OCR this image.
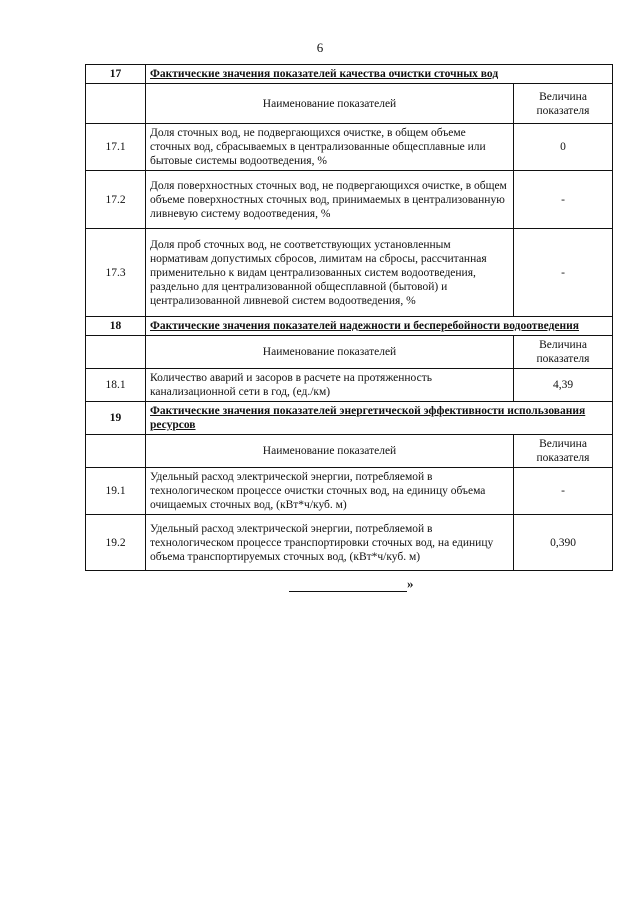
6
17	Фактические значения показателей качества очистки сточных вод	
	Наименование показателей	Величина показателя
17.1	Доля сточных вод, не подвергающихся очистке, в общем объеме сточных вод, сбрасываемых в централизованные общесплавные или бытовые системы водоотведения, %	0
17.2	Доля поверхностных сточных вод, не подвергающихся очистке, в общем объеме поверхностных сточных вод, принимаемых в централизованную ливневую систему водоотведения, %	-
17.3	Доля проб сточных вод, не соответствующих установленным нормативам допустимых сбросов, лимитам на сбросы, рассчитанная применительно к видам централизованных систем водоотведения, раздельно для централизованной общесплавной (бытовой) и централизованной ливневой систем водоотведения, %	-
18	Фактические значения показателей надежности и бесперебойности водоотведения	
	Наименование показателей	Величина показателя
18.1	Количество аварий и засоров в расчете на протяженность канализационной сети в год, (ед./км)	4,39
19	Фактические значения показателей энергетической эффективности использования ресурсов	
	Наименование показателей	Величина показателя
19.1	Удельный расход электрической энергии, потребляемой в технологическом процессе очистки сточных вод, на единицу объема очищаемых сточных вод, (кВт*ч/куб. м)	-
19.2	Удельный расход электрической энергии, потребляемой в технологическом процессе транспортировки сточных вод, на единицу объема транспортируемых сточных вод, (кВт*ч/куб. м)	0,390
»
